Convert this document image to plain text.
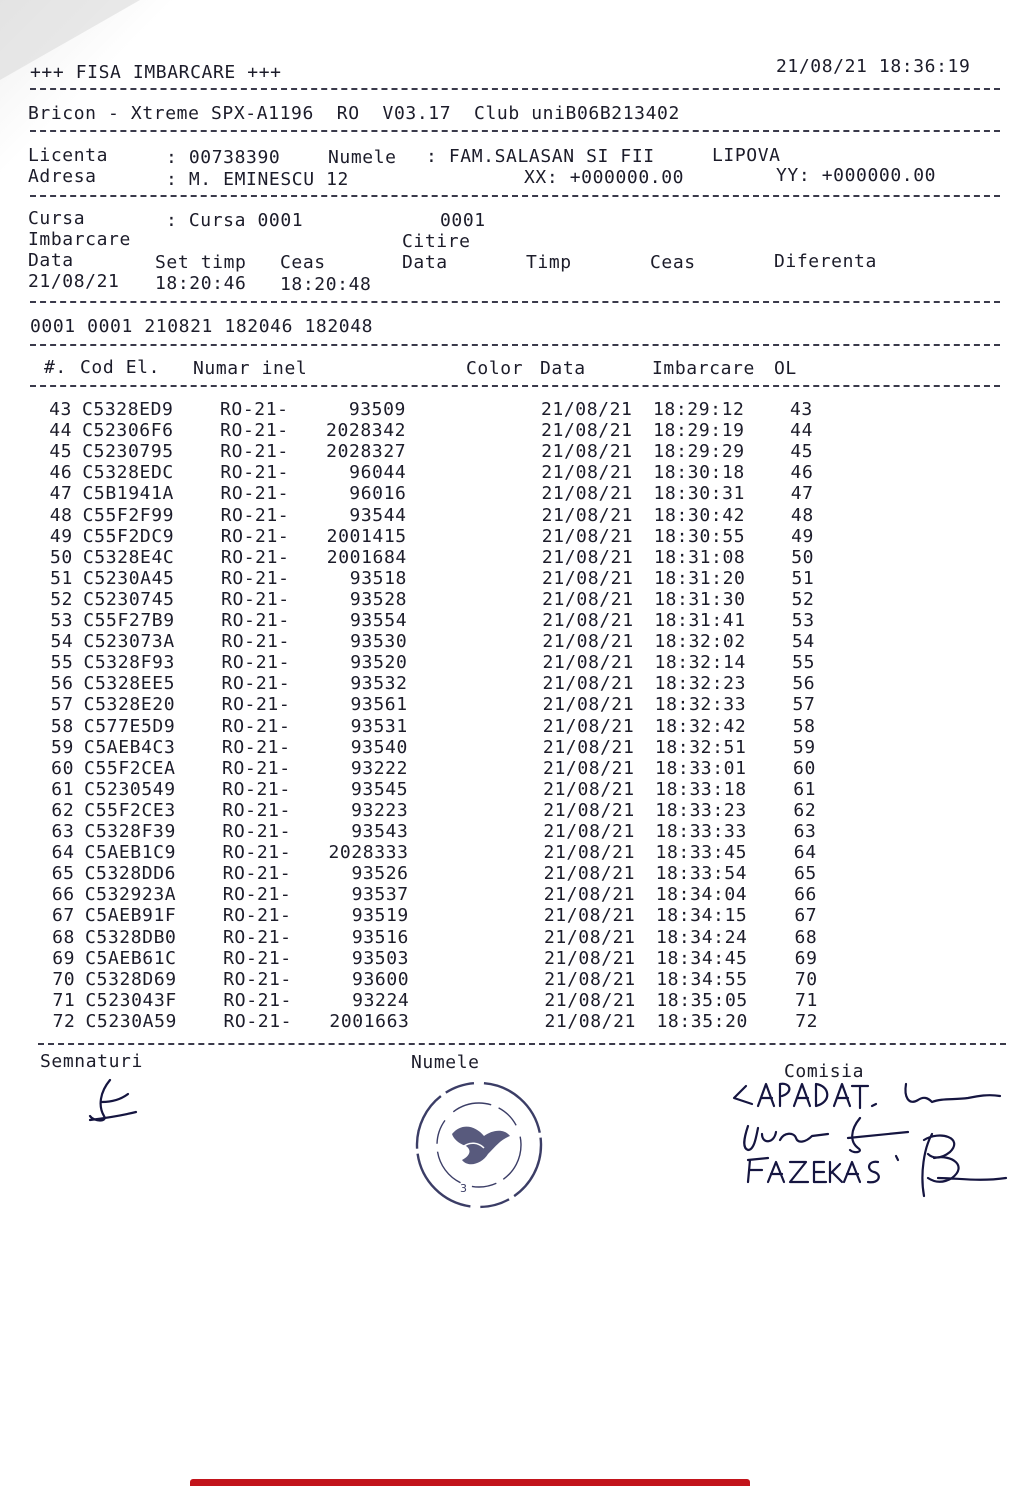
+++ FISA IMBARCARE +++	21/08/21 18:36:19
Bricon - Xtreme SPX-A1196  RO  V03.17  Club uniB06B213402
Licenta	: 00738390	Numele : FAM.SALASAN SI FII	LIPOVA
Adresa	: M. EMINESCU 12	XX: +000000.00	YY: +000000.00
Cursa	: Cursa 0001	0001
Imbarcare	Citire
Data	Set timp Ceas	Data	Timp	Ceas	Diferenta
21/08/21 18:20:46 18:20:48
0001 0001 210821 182046 182048
#. Cod El. Numar inel	Color Data	Imbarcare OL
43 C5328ED9	RO-21-	93509	21/08/21 18:29:12	43
44 C52306F6	RO-21-	2028342	21/08/21 18:29:19	44
45 C5230795	RO-21-	2028327	21/08/21 18:29:29	45
46 C5328EDC	RO-21-	96044	21/08/21 18:30:18	46
47 C5B1941A	RO-21-	96016	21/08/21 18:30:31	47
48 C55F2F99	RO-21-	93544	21/08/21 18:30:42	48
49 C55F2DC9	RO-21-	2001415	21/08/21 18:30:55	49
50 C5328E4C	RO-21-	2001684	21/08/21 18:31:08	50
51 C5230A45	RO-21-	93518	21/08/21 18:31:20	51
52 C5230745	RO-21-	93528	21/08/21 18:31:30	52
53 C55F27B9	RO-21-	93554	21/08/21 18:31:41	53
54 C523073A	RO-21-	93530	21/08/21 18:32:02	54
55 C5328F93	RO-21-	93520	21/08/21 18:32:14	55
56 C5328EE5	RO-21-	93532	21/08/21 18:32:23	56
57 C5328E20	RO-21-	93561	21/08/21 18:32:33	57
58 C577E5D9	RO-21-	93531	21/08/21 18:32:42	58
59 C5AEB4C3	RO-21-	93540	21/08/21 18:32:51	59
60 C55F2CEA	RO-21-	93222	21/08/21 18:33:01	60
61 C5230549	RO-21-	93545	21/08/21 18:33:18	61
62 C55F2CE3	RO-21-	93223	21/08/21 18:33:23	62
63 C5328F39	RO-21-	93543	21/08/21 18:33:33	63
64 C5AEB1C9	RO-21-	2028333	21/08/21 18:33:45	64
65 C5328DD6	RO-21-	93526	21/08/21 18:33:54	65
66 C532923A	RO-21-	93537	21/08/21 18:34:04	66
67 C5AEB91F	RO-21-	93519	21/08/21 18:34:15	67
68 C5328DB0	RO-21-	93516	21/08/21 18:34:24	68
69 C5AEB61C	RO-21-	93503	21/08/21 18:34:45	69
70 C5328D69	RO-21-	93600	21/08/21 18:34:55	70
71 C523043F	RO-21-	93224	21/08/21 18:35:05	71
72 C5230A59	RO-21-	2001663	21/08/21 18:35:20	72
Semnaturi	Numele	Comisia
3
